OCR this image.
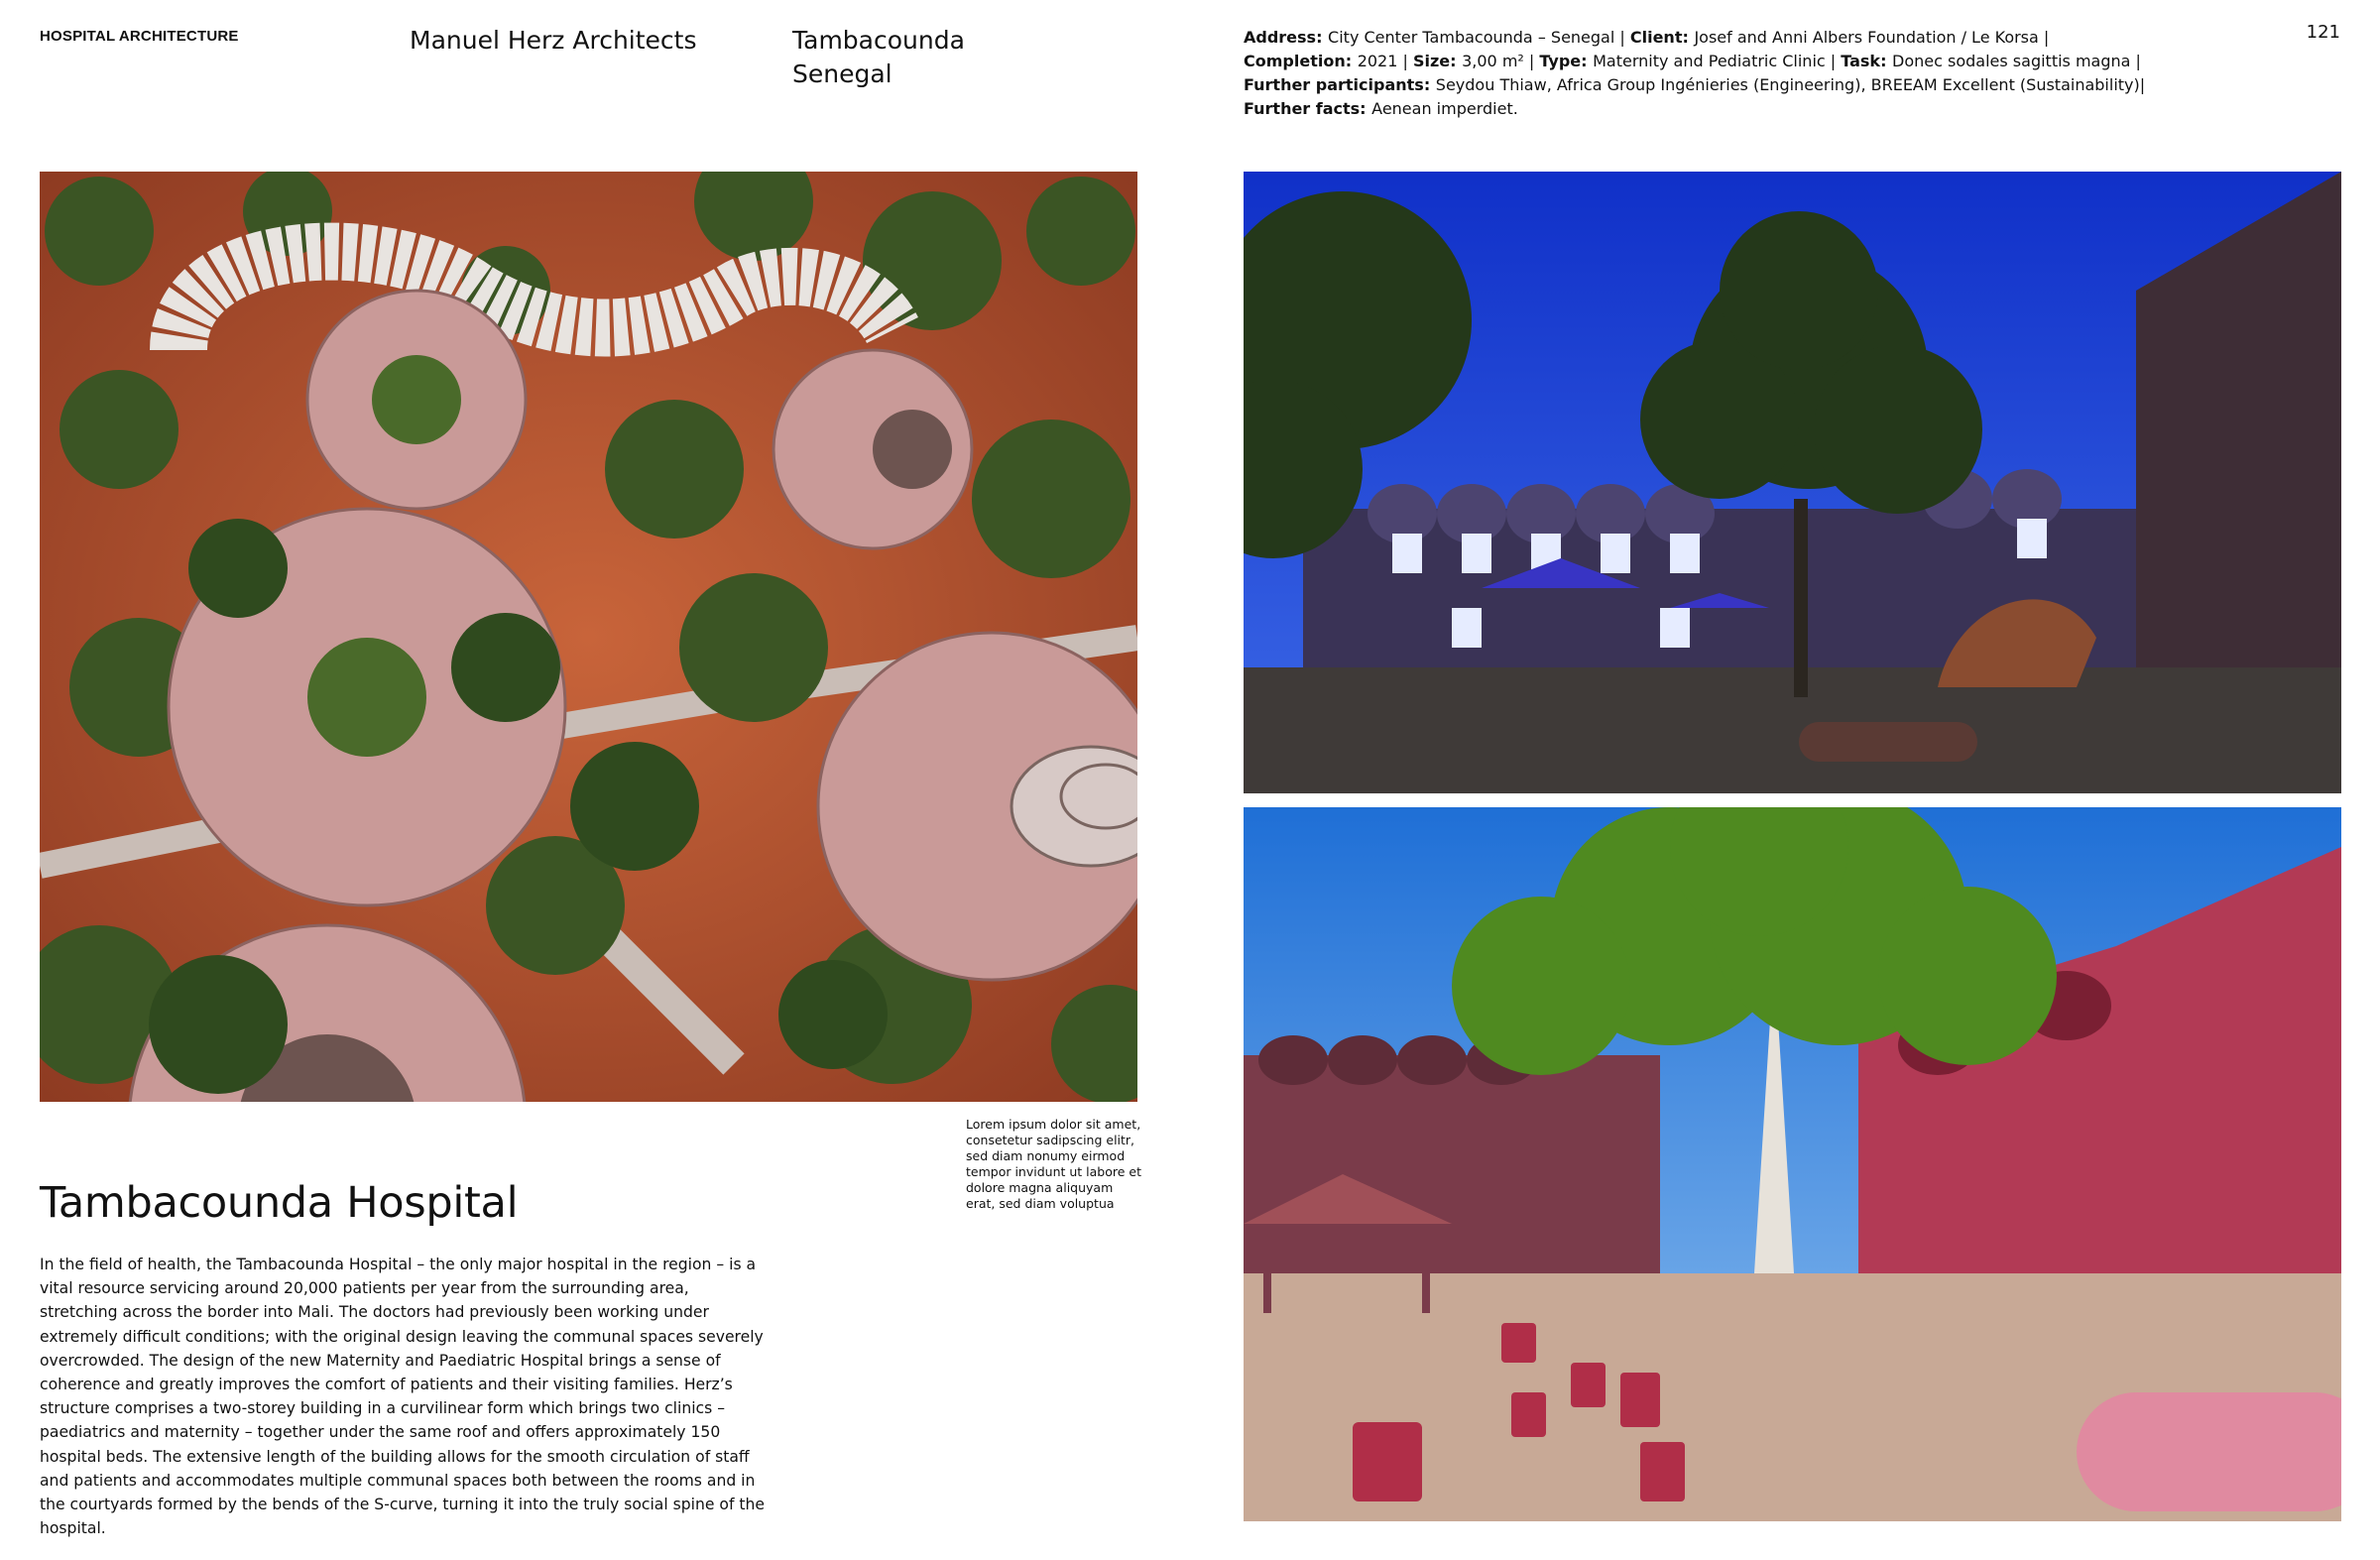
HOSPITAL ARCHITECTURE	Manuel Herz Architects	Tambacounda
Senegal
Address: City Center Tambacounda – Senegal | Client: Josef and Anni Albers Foundation / Le Korsa | Completion: 2021 | Size: 3,00 m² | Type: Maternity and Pediatric Clinic | Task: Donec sodales sagittis magna | Further participants: Seydou Thiaw, Africa Group Ingénieries (Engineering), BREEAM Excellent (Sustainability)| Further facts: Aenean imperdiet.
121
Lorem ipsum dolor sit amet, consetetur sadipscing elitr, sed diam nonumy eirmod tempor invidunt ut labore et dolore magna aliquyam erat, sed diam voluptua
Tambacounda Hospital
In the field of health, the Tambacounda Hospital – the only major hospital in the region – is a vital resource servicing around 20,000 patients per year from the surrounding area, stretching across the border into Mali. The doctors had previously been working under extremely difficult conditions; with the original design leaving the communal spaces severely overcrowded. The design of the new Maternity and Paediatric Hospital brings a sense of coherence and greatly improves the comfort of patients and their visiting families. Herz’s structure comprises a two-storey building in a curvilinear form which brings two clinics – paediatrics and maternity – together under the same roof and offers approximately 150 hospital beds. The extensive length of the building allows for the smooth circulation of staff and patients and accommodates multiple communal spaces both between the rooms and in the courtyards formed by the bends of the S-curve, turning it into the truly social spine of the hospital.
